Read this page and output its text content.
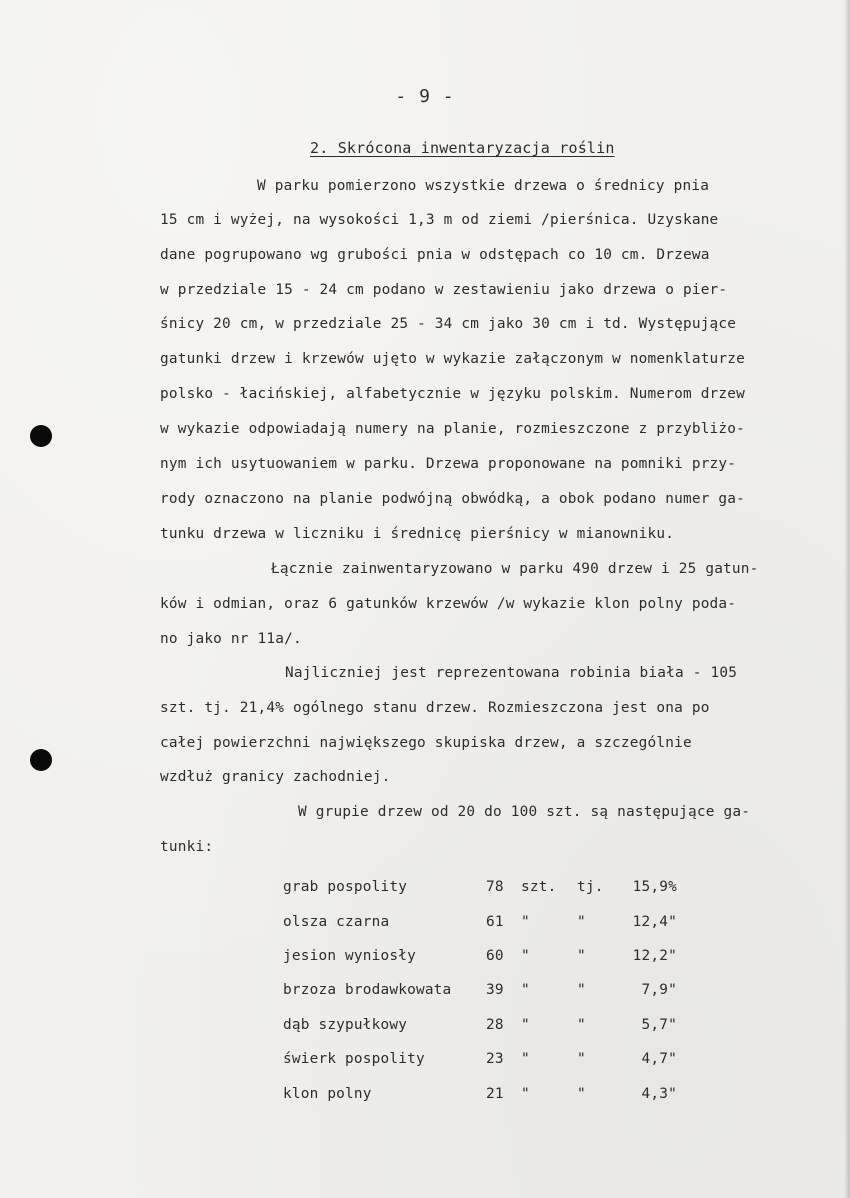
- 9 -
2. Skrócona inwentaryzacja roślin
W parku pomierzono wszystkie drzewa o średnicy pnia
15 cm i wyżej, na wysokości 1,3 m od ziemi /pierśnica. Uzyskane
dane pogrupowano wg grubości pnia w odstępach co 10 cm. Drzewa
w przedziale 15 - 24 cm podano w zestawieniu jako drzewa o pier-
śnicy 20 cm, w przedziale 25 - 34 cm jako 30 cm i td. Występujące
gatunki drzew i krzewów ujęto w wykazie załączonym w nomenklaturze
polsko - łacińskiej, alfabetycznie w języku polskim. Numerom drzew
w wykazie odpowiadają numery na planie, rozmieszczone z przybliżo-
nym ich usytuowaniem w parku. Drzewa proponowane na pomniki przy-
rody oznaczono na planie podwójną obwódką, a obok podano numer ga-
tunku drzewa w liczniku i średnicę pierśnicy w mianowniku.
Łącznie zainwentaryzowano w parku 490 drzew i 25 gatun-
ków i odmian, oraz 6 gatunków krzewów /w wykazie klon polny poda-
no jako nr 11a/.
Najliczniej jest reprezentowana robinia biała - 105
szt. tj. 21,4% ogólnego stanu drzew. Rozmieszczona jest ona po
całej powierzchni największego skupiska drzew, a szczególnie
wzdłuż granicy zachodniej.
W grupie drzew od 20 do 100 szt. są następujące ga-
tunki:
grab pospolity	78	szt.	tj.	15,9%
olsza czarna	61	"	"	12,4"
jesion wyniosły	60	"	"	12,2"
brzoza brodawkowata	39	"	"	7,9"
dąb szypułkowy	28	"	"	5,7"
świerk pospolity	23	"	"	4,7"
klon polny	21	"	"	4,3"
